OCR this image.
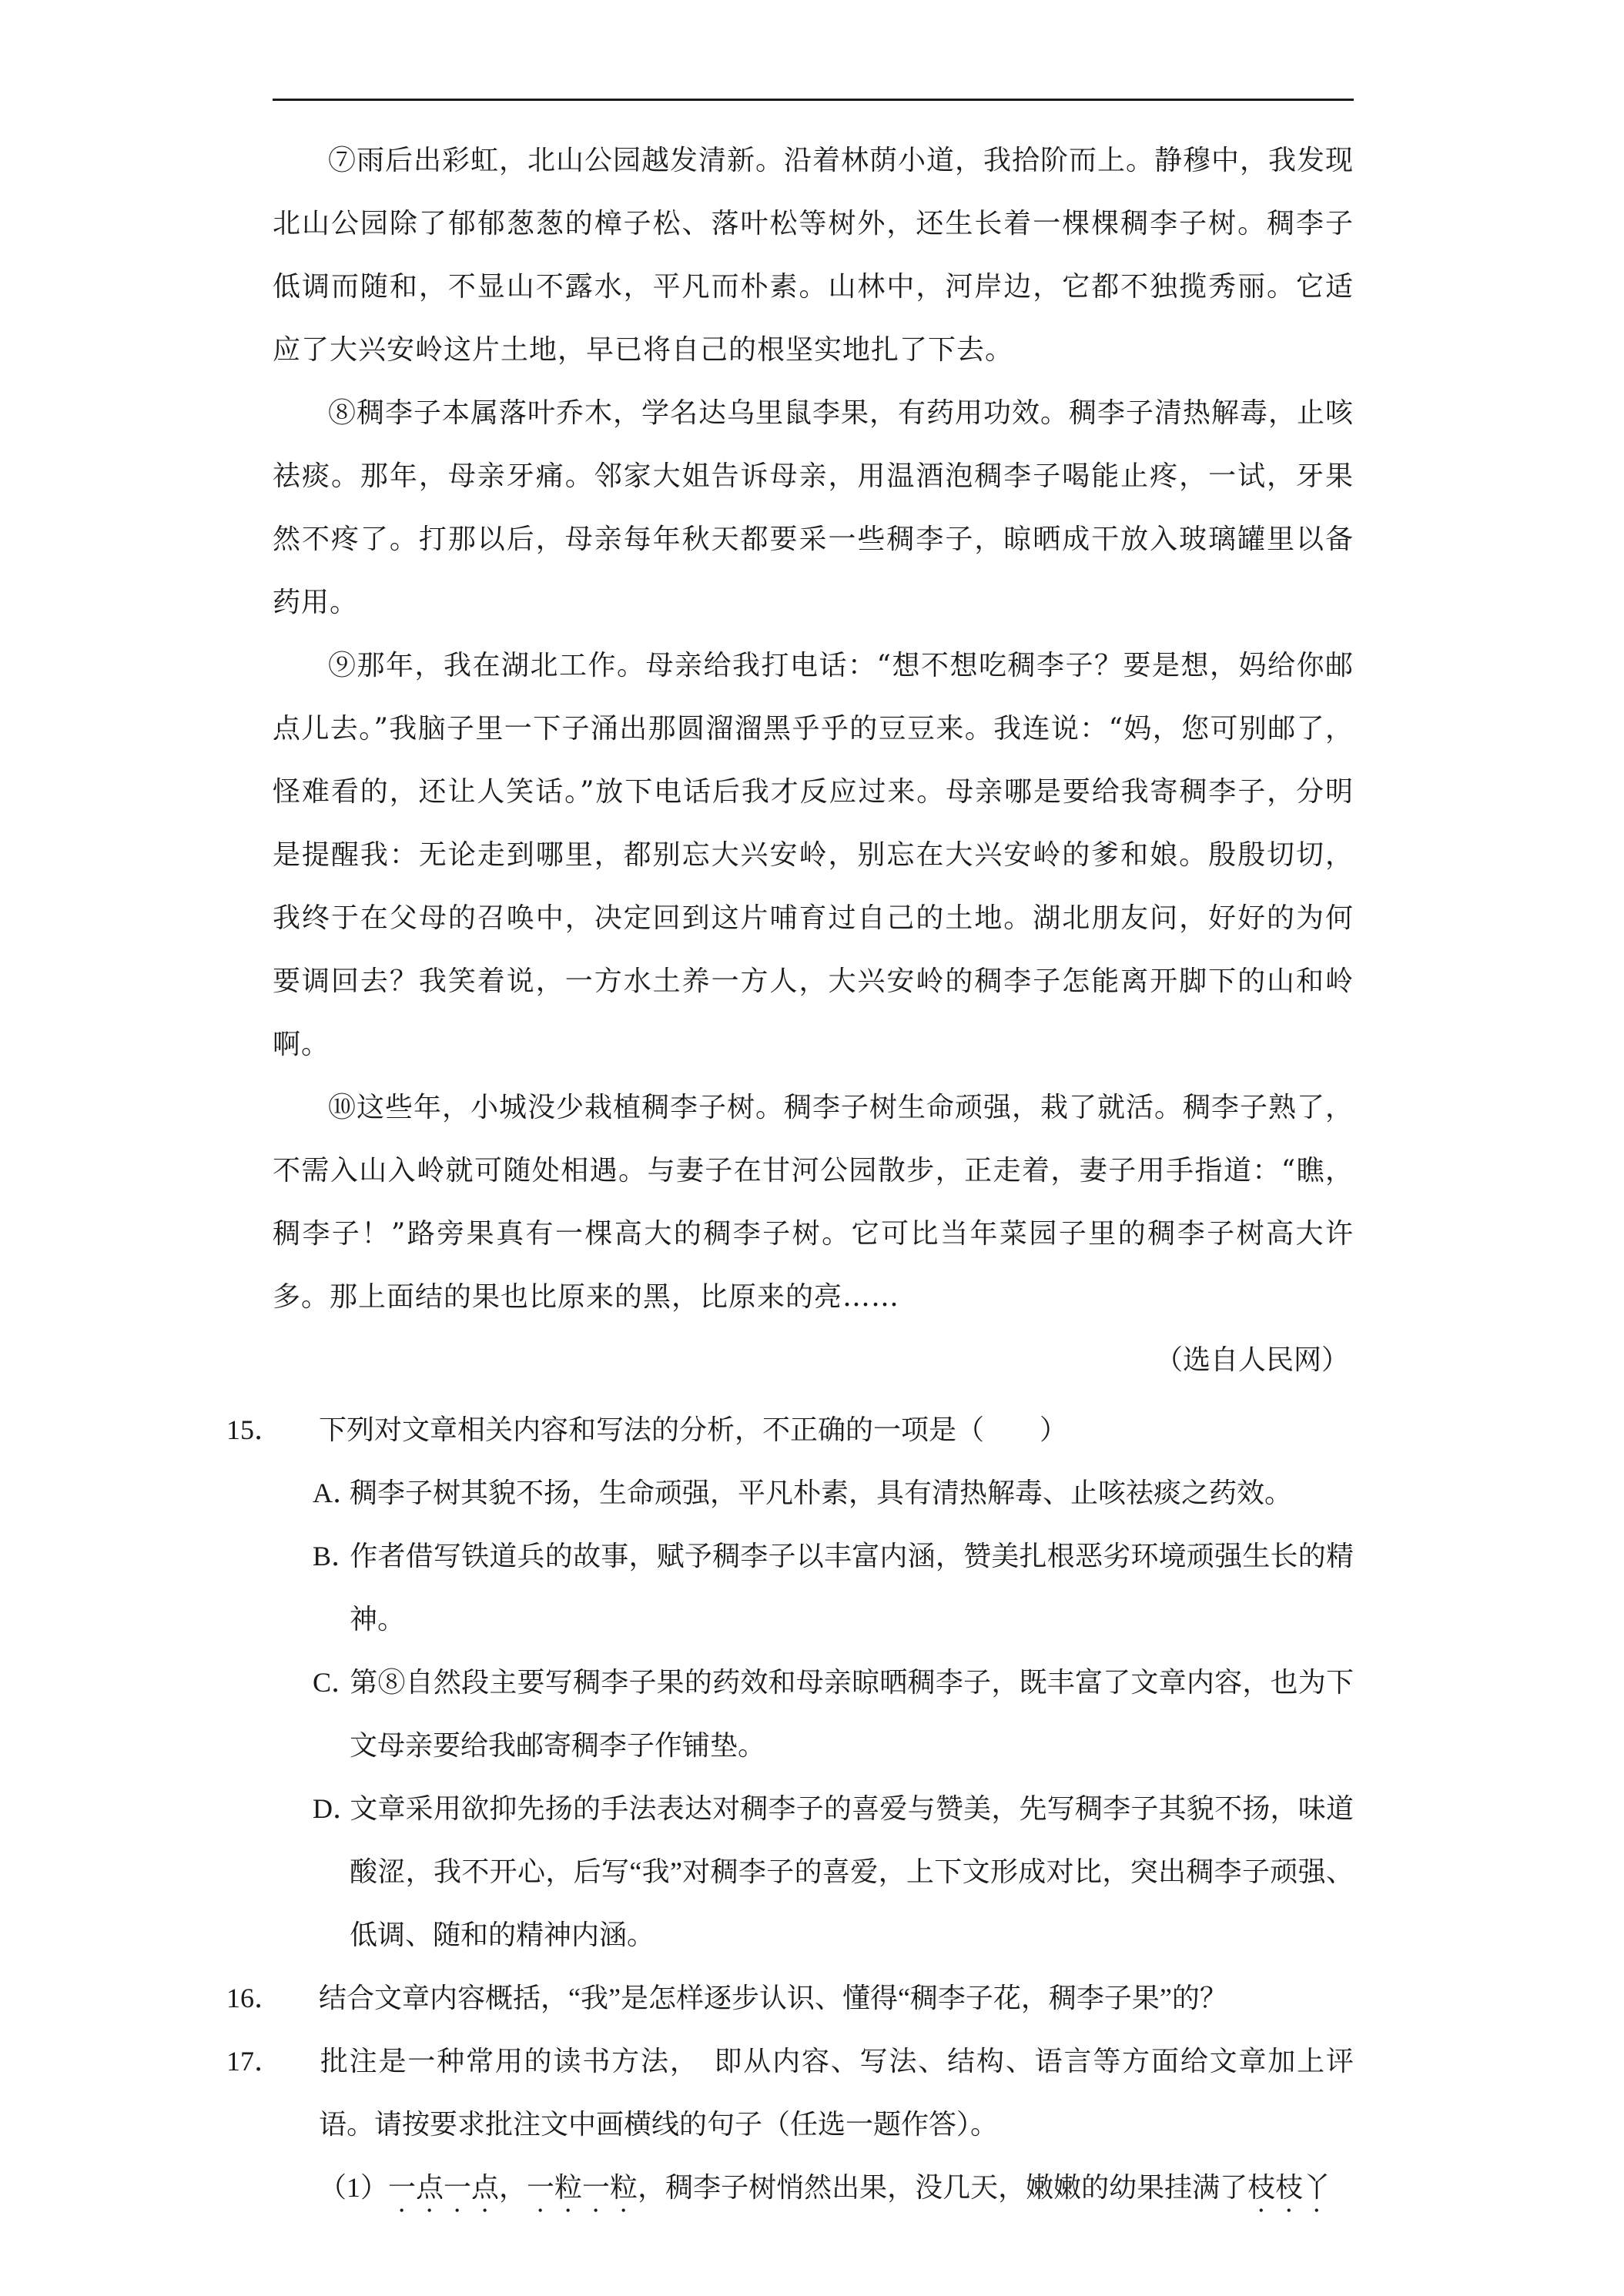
⑦雨后出彩虹，北山公园越发清新。沿着林荫小道，我拾阶而上。静穆中，我发现北山公园除了郁郁葱葱的樟子松、落叶松等树外，还生长着一棵棵稠李子树。稠李子低调而随和，不显山不露水，平凡而朴素。山林中，河岸边，它都不独揽秀丽。它适应了大兴安岭这片土地，早已将自己的根坚实地扎了下去。

⑧稠李子本属落叶乔木，学名达乌里鼠李果，有药用功效。稠李子清热解毒，止咳祛痰。那年，母亲牙痛。邻家大姐告诉母亲，用温酒泡稠李子喝能止疼，一试，牙果然不疼了。打那以后，母亲每年秋天都要采一些稠李子，晾晒成干放入玻璃罐里以备药用。

⑨那年，我在湖北工作。母亲给我打电话：“想不想吃稠李子？要是想，妈给你邮点儿去。”我脑子里一下子涌出那圆溜溜黑乎乎的豆豆来。我连说：“妈，您可别邮了，怪难看的，还让人笑话。”放下电话后我才反应过来。母亲哪是要给我寄稠李子，分明是提醒我：无论走到哪里，都别忘大兴安岭，别忘在大兴安岭的爹和娘。殷殷切切，我终于在父母的召唤中，决定回到这片哺育过自己的土地。湖北朋友问，好好的为何要调回去？我笑着说，一方水土养一方人，大兴安岭的稠李子怎能离开脚下的山和岭啊。

⑩这些年，小城没少栽植稠李子树。稠李子树生命顽强，栽了就活。稠李子熟了，不需入山入岭就可随处相遇。与妻子在甘河公园散步，正走着，妻子用手指道：“瞧，稠李子！”路旁果真有一棵高大的稠李子树。它可比当年菜园子里的稠李子树高大许多。那上面结的果也比原来的黑，比原来的亮……

（选自人民网）

15． 下列对文章相关内容和写法的分析，不正确的一项是（　　）

A．稠李子树其貌不扬，生命顽强，平凡朴素，具有清热解毒、止咳祛痰之药效。

B．作者借写铁道兵的故事，赋予稠李子以丰富内涵，赞美扎根恶劣环境顽强生长的精神。

C．第⑧自然段主要写稠李子果的药效和母亲晾晒稠李子，既丰富了文章内容，也为下文母亲要给我邮寄稠李子作铺垫。

D．文章采用欲抑先扬的手法表达对稠李子的喜爱与赞美，先写稠李子其貌不扬，味道酸涩，我不开心，后写“我”对稠李子的喜爱，上下文形成对比，突出稠李子顽强、低调、随和的精神内涵。

16． 结合文章内容概括，“我”是怎样逐步认识、懂得“稠李子花，稠李子果”的？

17． 批注是一种常用的读书方法，　即从内容、写法、结构、语言等方面给文章加上评语。请按要求批注文中画横线的句子（任选一题作答）。

（1）一点一点，一粒一粒，稠李子树悄然出果，没几天，嫩嫩的幼果挂满了枝枝丫
